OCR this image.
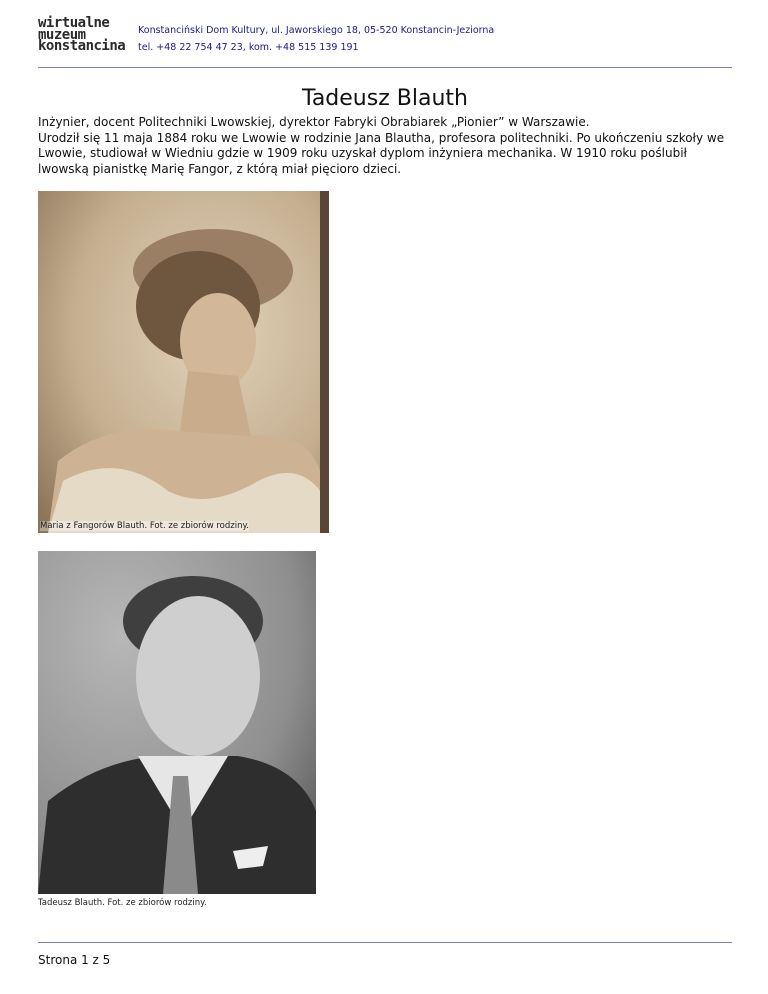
wirtualne
muzeum
konstancina
Konstanciński Dom Kultury, ul. Jaworskiego 18, 05-520 Konstancin-Jeziorna
tel. +48 22 754 47 23, kom. +48 515 139 191
Tadeusz Blauth

Inżynier, docent Politechniki Lwowskiej, dyrektor Fabryki Obrabiarek „Pionier” w Warszawie.

Urodził się 11 maja 1884 roku we Lwowie w rodzinie Jana Blautha, profesora politechniki. Po ukończeniu szkoły we Lwowie, studiował w Wiedniu gdzie w 1909 roku uzyskał dyplom inżyniera mechanika. W 1910 roku poślubił lwowską pianistkę Marię Fangor, z którą miał pięcioro dzieci.

Maria z Fangorów Blauth. Fot. ze zbiorów rodziny.
Tadeusz Blauth. Fot. ze zbiorów rodziny.
Strona 1 z 5
